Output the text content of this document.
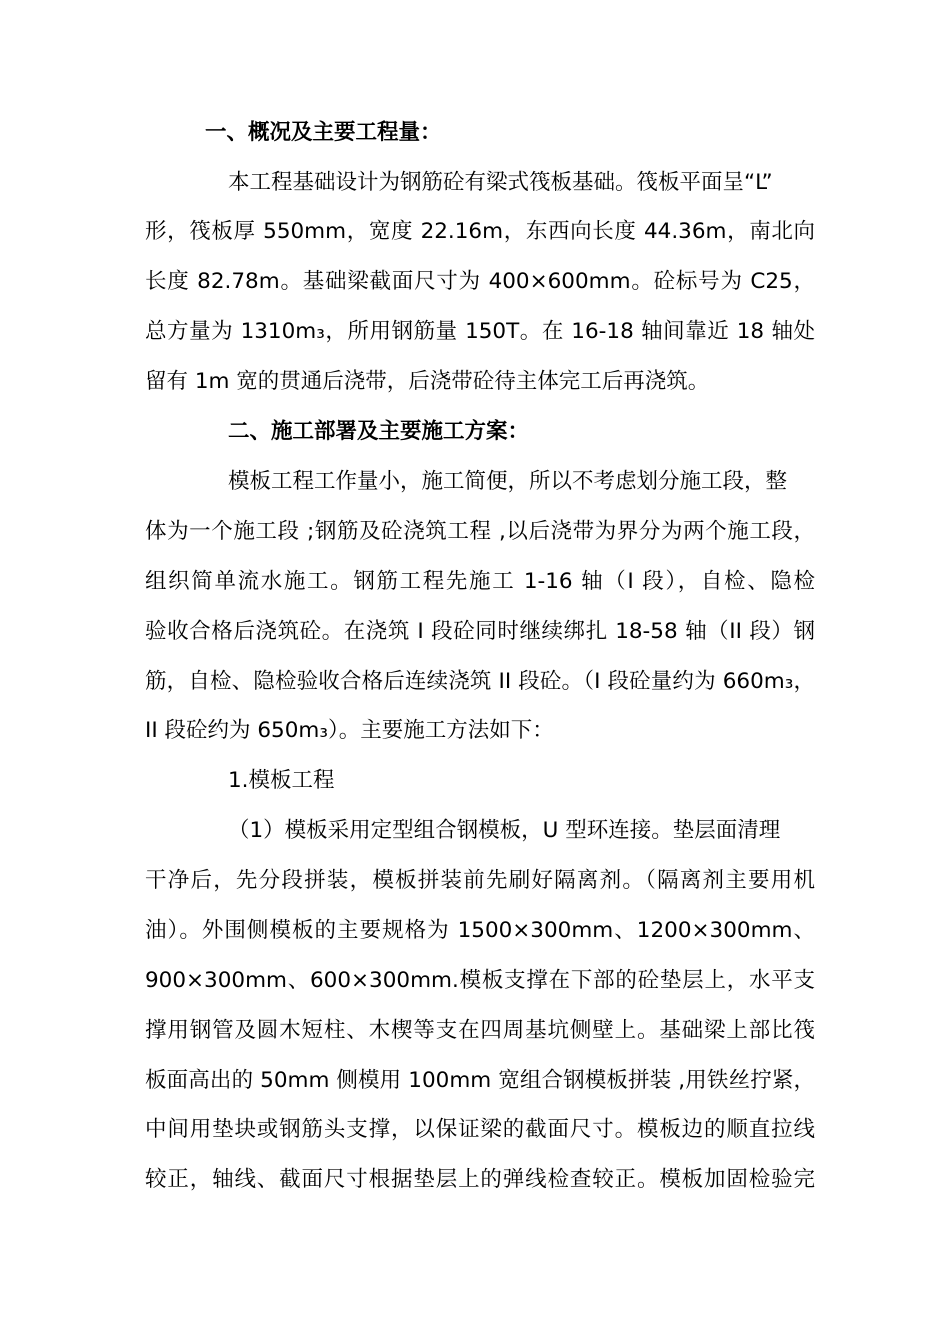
一、概况及主要工程量：
本工程基础设计为钢筋砼有梁式筏板基础。筏板平面呈“L”
形，筏板厚 550mm，宽度 22.16m，东西向长度 44.36m，南北向
长度 82.78m。基础梁截面尺寸为 400×600mm。砼标号为 C25，
总方量为 1310m₃，所用钢筋量 150T。在 16-18 轴间靠近 18 轴处
留有 1m 宽的贯通后浇带，后浇带砼待主体完工后再浇筑。
二、施工部署及主要施工方案：
模板工程工作量小，施工简便，所以不考虑划分施工段，整
体为一个施工段 ;钢筋及砼浇筑工程 ,以后浇带为界分为两个施工段，
组织简单流水施工。钢筋工程先施工 1-16 轴（I 段），自检、隐检
验收合格后浇筑砼。在浇筑 I 段砼同时继续绑扎 18-58 轴（II 段）钢
筋，自检、隐检验收合格后连续浇筑 II 段砼。（I 段砼量约为 660m₃，
II 段砼约为 650m₃）。主要施工方法如下：
1.模板工程
（1）模板采用定型组合钢模板，U 型环连接。垫层面清理
干净后，先分段拼装，模板拼装前先刷好隔离剂。（隔离剂主要用机
油）。外围侧模板的主要规格为 1500×300mm、1200×300mm、
900×300mm、600×300mm.模板支撑在下部的砼垫层上，水平支
撑用钢管及圆木短柱、木楔等支在四周基坑侧壁上。基础梁上部比筏
板面高出的 50mm 侧模用 100mm 宽组合钢模板拼装 ,用铁丝拧紧，
中间用垫块或钢筋头支撑，以保证梁的截面尺寸。模板边的顺直拉线
较正，轴线、截面尺寸根据垫层上的弹线检查较正。模板加固检验完
